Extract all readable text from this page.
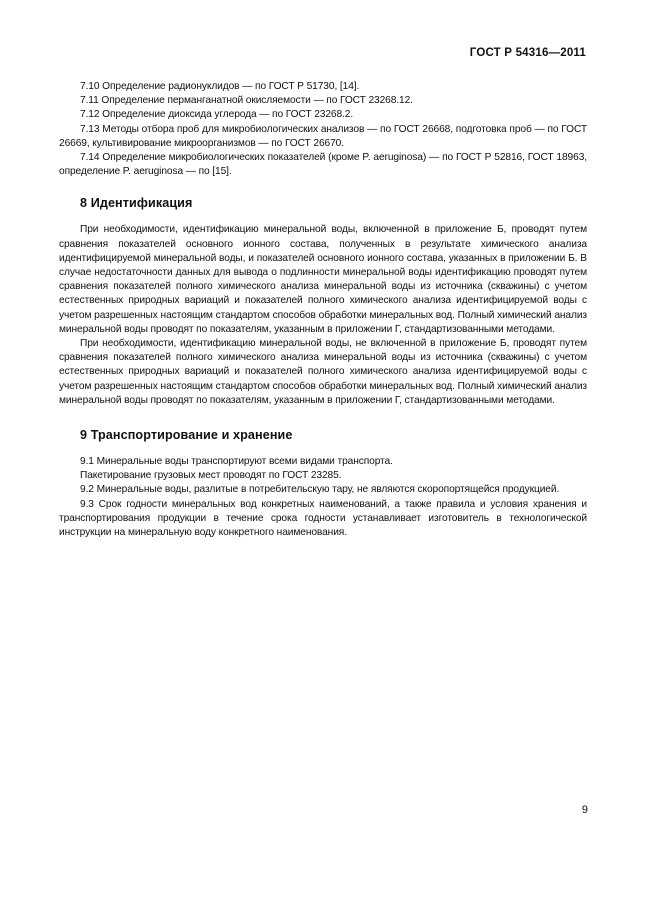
ГОСТ Р 54316—2011

7.10 Определение радионуклидов — по ГОСТ Р 51730, [14].

7.11 Определение перманганатной окисляемости — по ГОСТ 23268.12.

7.12 Определение диоксида углерода — по ГОСТ 23268.2.

7.13 Методы отбора проб для микробиологических анализов — по ГОСТ 26668, подготовка проб — по ГОСТ 26669, культивирование микроорганизмов — по ГОСТ 26670.

7.14 Определение микробиологических показателей (кроме P. aeruginosa) — по ГОСТ Р 52816, ГОСТ 18963, определение P. aeruginosa — по [15].

8 Идентификация

При необходимости, идентификацию минеральной воды, включенной в приложение Б, проводят путем сравнения показателей основного ионного состава, полученных в результате химического анализа идентифицируемой минеральной воды, и показателей основного ионного состава, указанных в приложении Б. В случае недостаточности данных для вывода о подлинности минеральной воды идентификацию проводят путем сравнения показателей полного химического анализа минеральной воды из источника (скважины) с учетом естественных природных вариаций и показателей полного химического анализа идентифицируемой воды с учетом разрешенных настоящим стандартом способов обработки минеральных вод. Полный химический анализ минеральной воды проводят по показателям, указанным в приложении Г, стандартизованными методами.

При необходимости, идентификацию минеральной воды, не включенной в приложение Б, проводят путем сравнения показателей полного химического анализа минеральной воды из источника (скважины) с учетом естественных природных вариаций и показателей полного химического анализа идентифицируемой воды с учетом разрешенных настоящим стандартом способов обработки минеральных вод. Полный химический анализ минеральной воды проводят по показателям, указанным в приложении Г, стандартизованными методами.

9 Транспортирование и хранение

9.1 Минеральные воды транспортируют всеми видами транспорта.

Пакетирование грузовых мест проводят по ГОСТ 23285.

9.2 Минеральные воды, разлитые в потребительскую тару, не являются скоропортящейся продукцией.

9.3 Срок годности минеральных вод конкретных наименований, а также правила и условия хранения и транспортирования продукции в течение срока годности устанавливает изготовитель в технологической инструкции на минеральную воду конкретного наименования.

9
